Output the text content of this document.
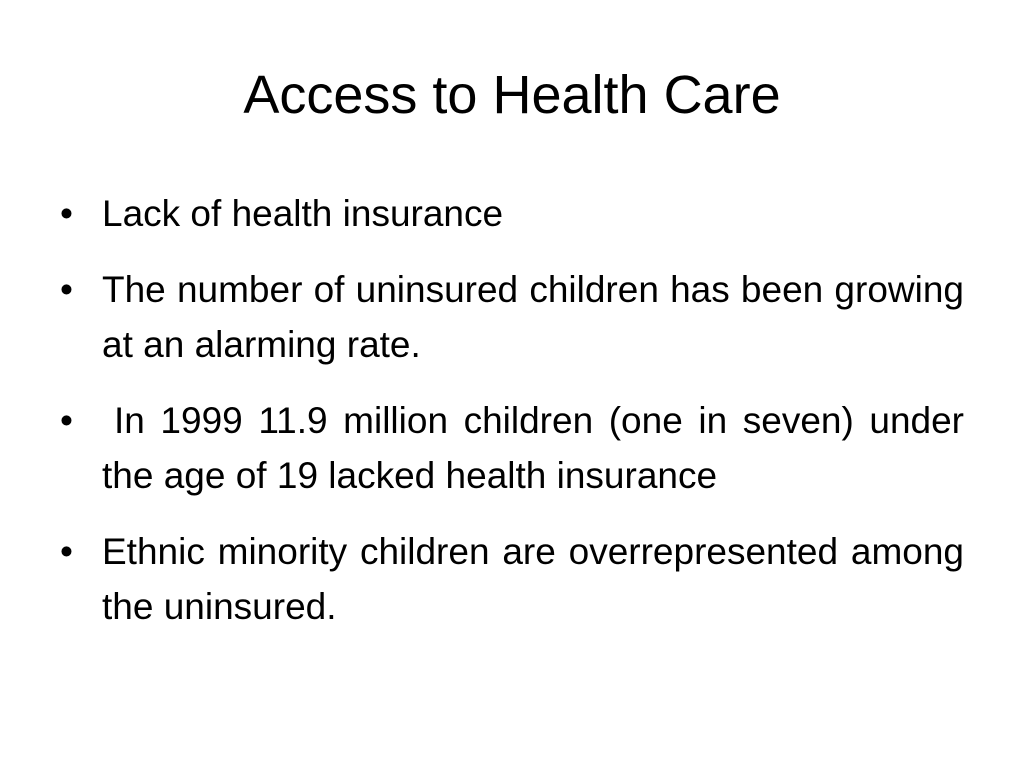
Access to Health Care
• Lack of health insurance
• The number of uninsured children has been growing at an alarming rate.
•	In 1999 11.9 million children (one in seven) under the age of 19 lacked health insurance
• Ethnic minority children are overrepresented among the uninsured.
